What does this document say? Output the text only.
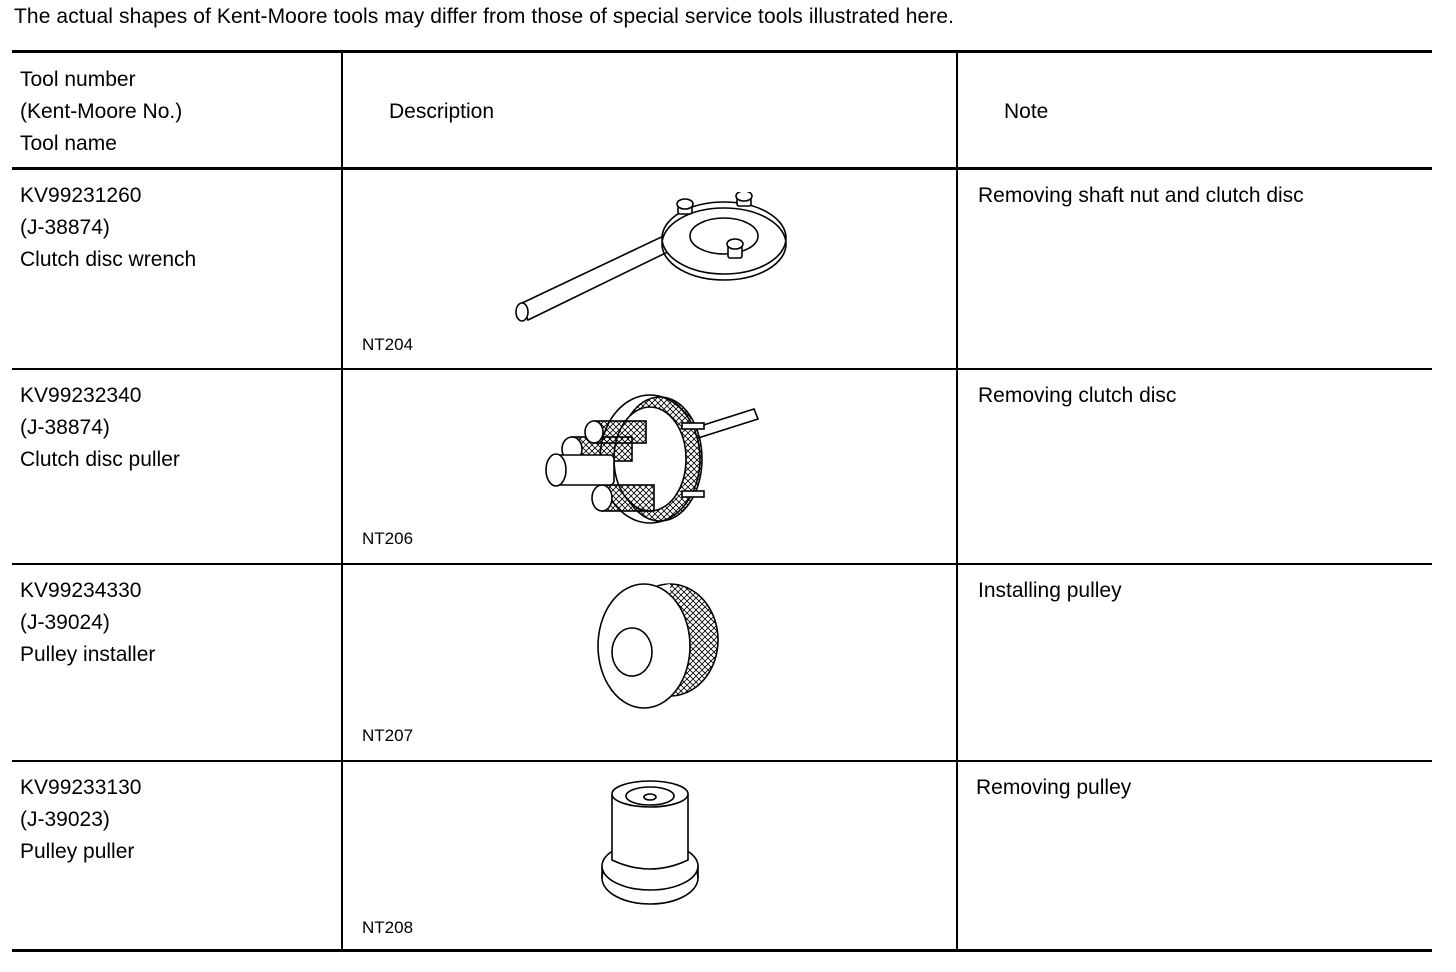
The actual shapes of Kent-Moore tools may differ from those of special service tools illustrated here.
Tool number
(Kent-Moore No.)
Tool name
Description	Note
KV99231260
(J-38874)
Clutch disc wrench
NT204
Removing shaft nut and clutch disc
KV99232340
(J-38874)
Clutch disc puller
NT206
Removing clutch disc
KV99234330
(J-39024)
Pulley installer
NT207
Installing pulley
KV99233130
(J-39023)
Pulley puller
NT208
Removing pulley
